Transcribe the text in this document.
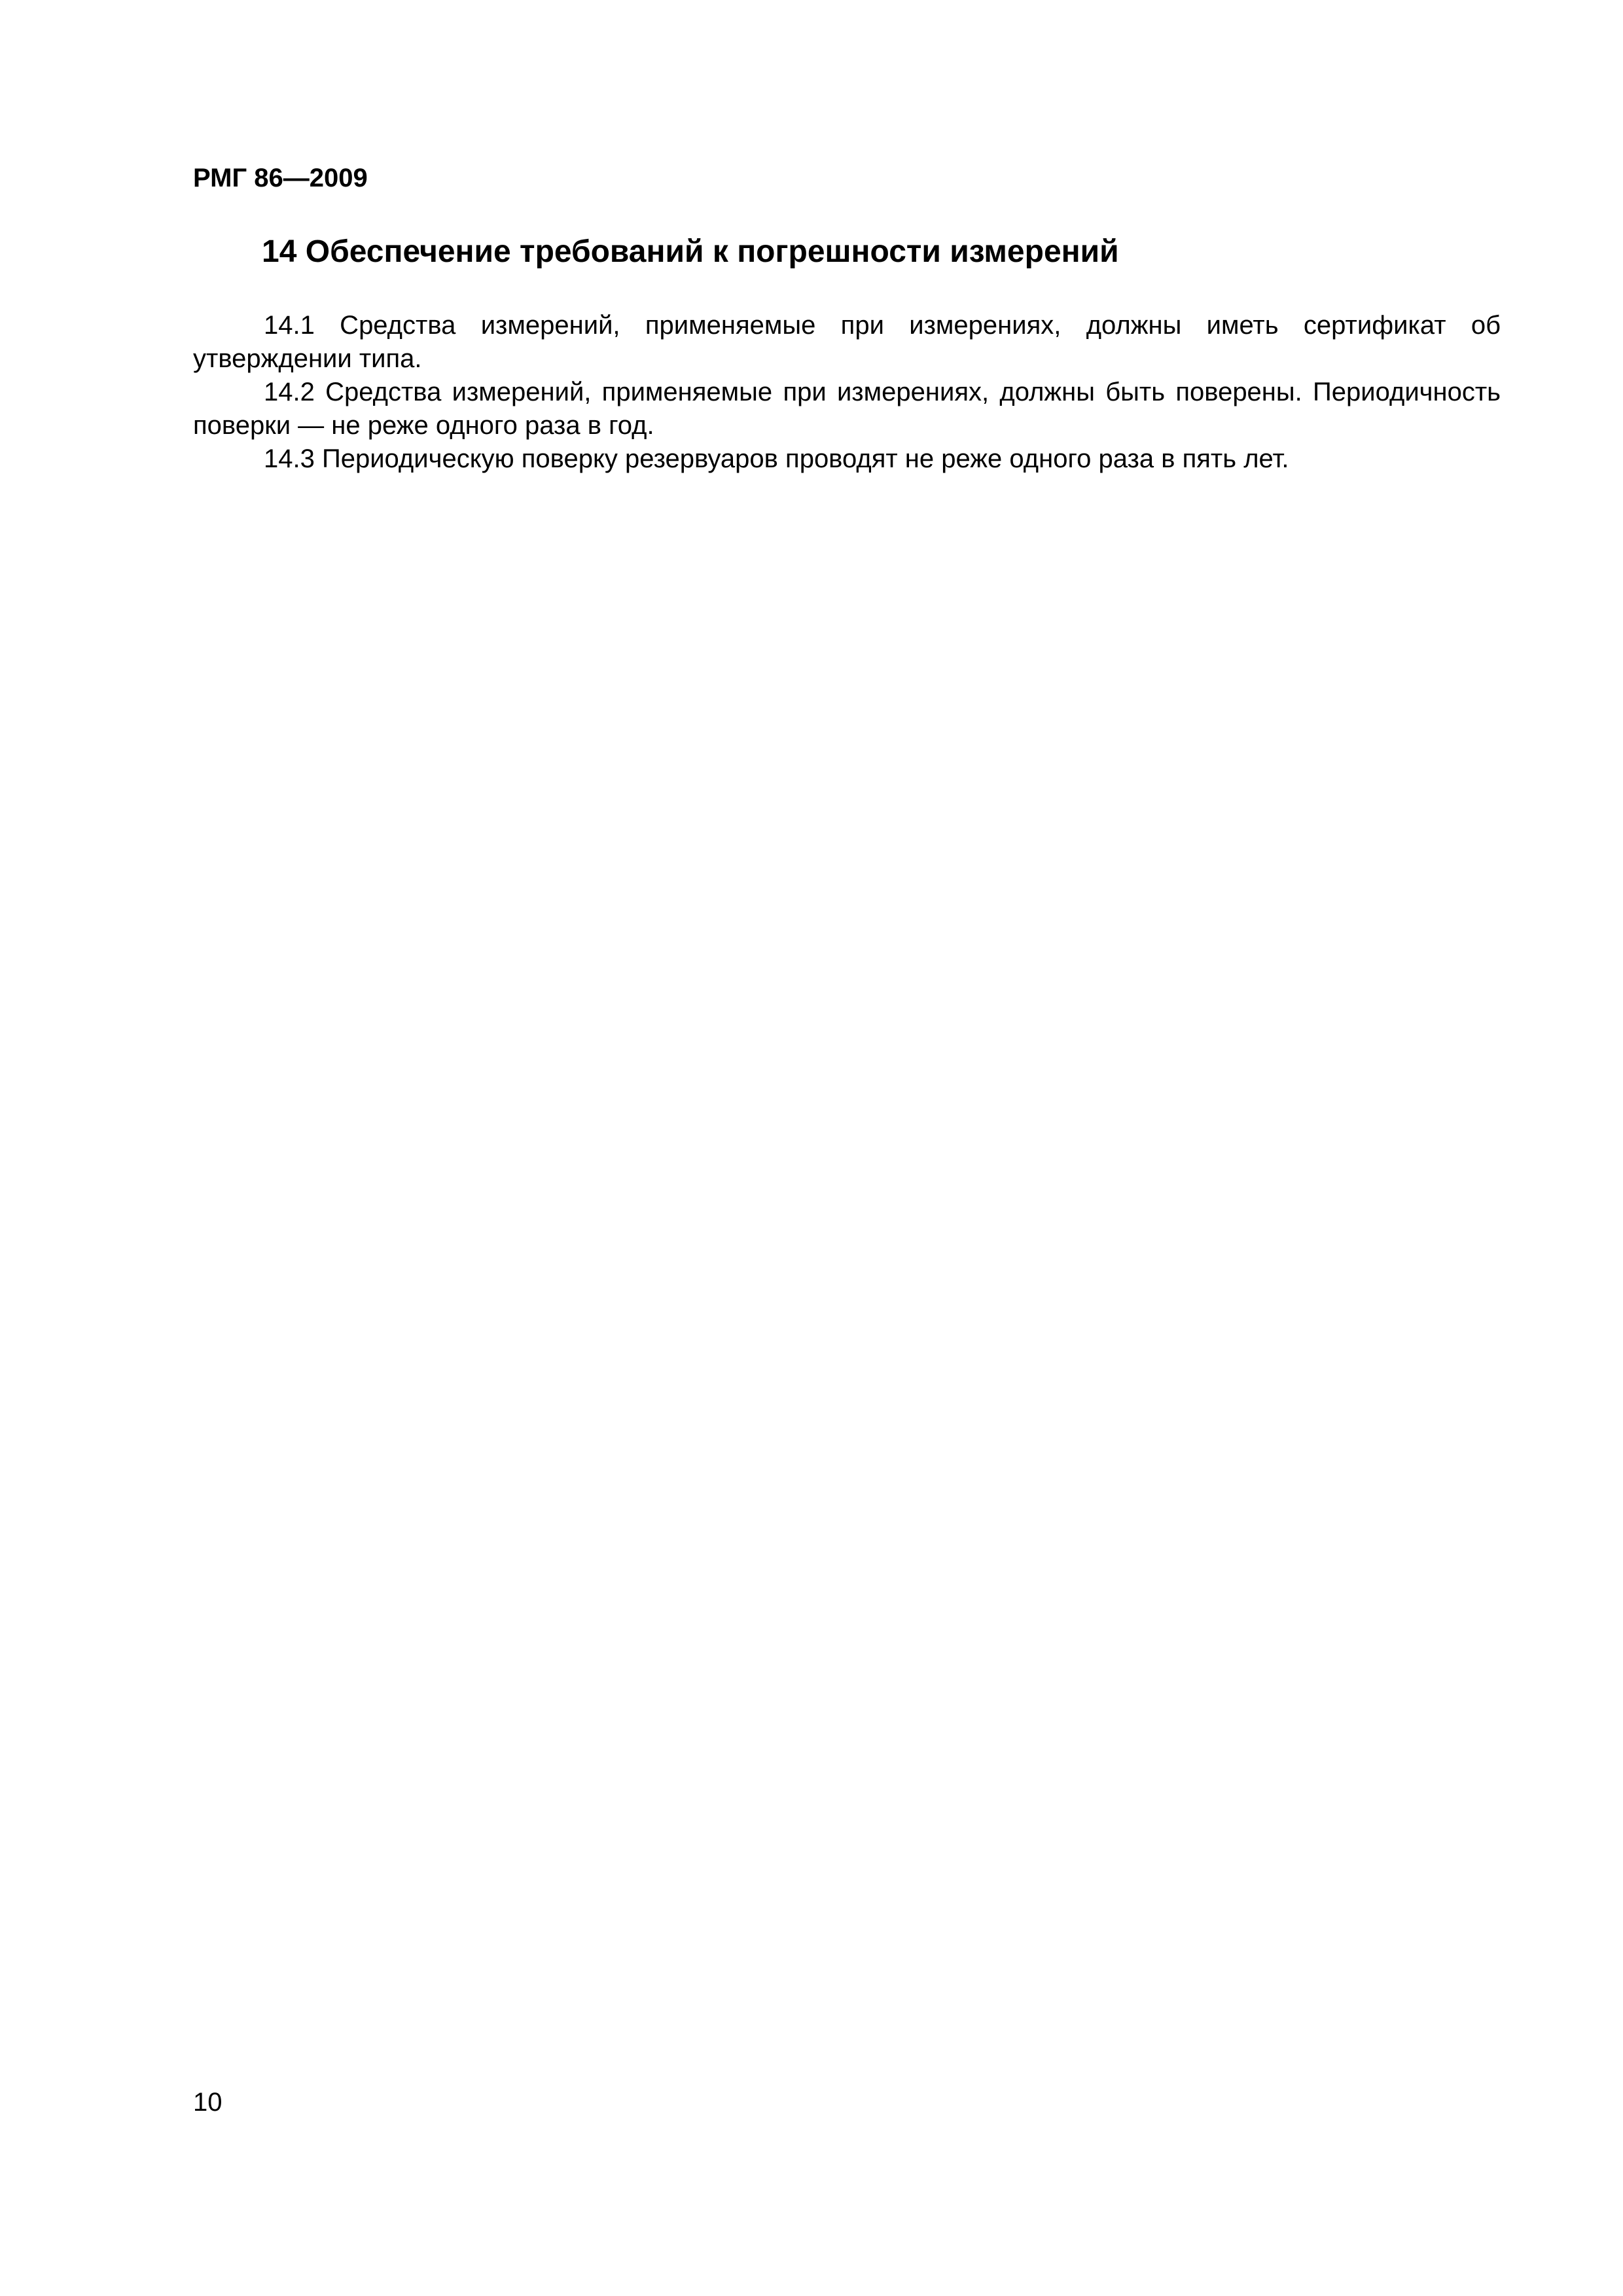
РМГ 86—2009
14 Обеспечение требований к погрешности измерений

14.1 Средства измерений, применяемые при измерениях, должны иметь сертификат об утверждении типа.

14.2 Средства измерений, применяемые при измерениях, должны быть поверены. Периодичность поверки — не реже одного раза в год.

14.3 Периодическую поверку резервуаров проводят не реже одного раза в пять лет.

10
